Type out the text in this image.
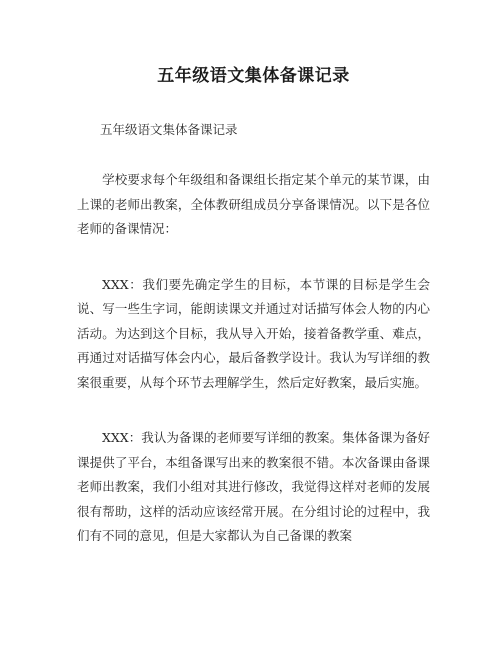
五年级语文集体备课记录
五年级语文集体备课记录

学校要求每个年级组和备课组长指定某个单元的某节课，由上课的老师出教案，全体教研组成员分享备课情况。以下是各位老师的备课情况：

XXX：我们要先确定学生的目标，本节课的目标是学生会说、写一些生字词，能朗读课文并通过对话描写体会人物的内心活动。为达到这个目标，我从导入开始，接着备教学重、难点，再通过对话描写体会内心，最后备教学设计。我认为写详细的教案很重要，从每个环节去理解学生，然后定好教案，最后实施。

XXX：我认为备课的老师要写详细的教案。集体备课为备好课提供了平台，本组备课写出来的教案很不错。本次备课由备课老师出教案，我们小组对其进行修改，我觉得这样对老师的发展很有帮助，这样的活动应该经常开展。在分组讨论的过程中，我们有不同的意见，但是大家都认为自己备课的教案
